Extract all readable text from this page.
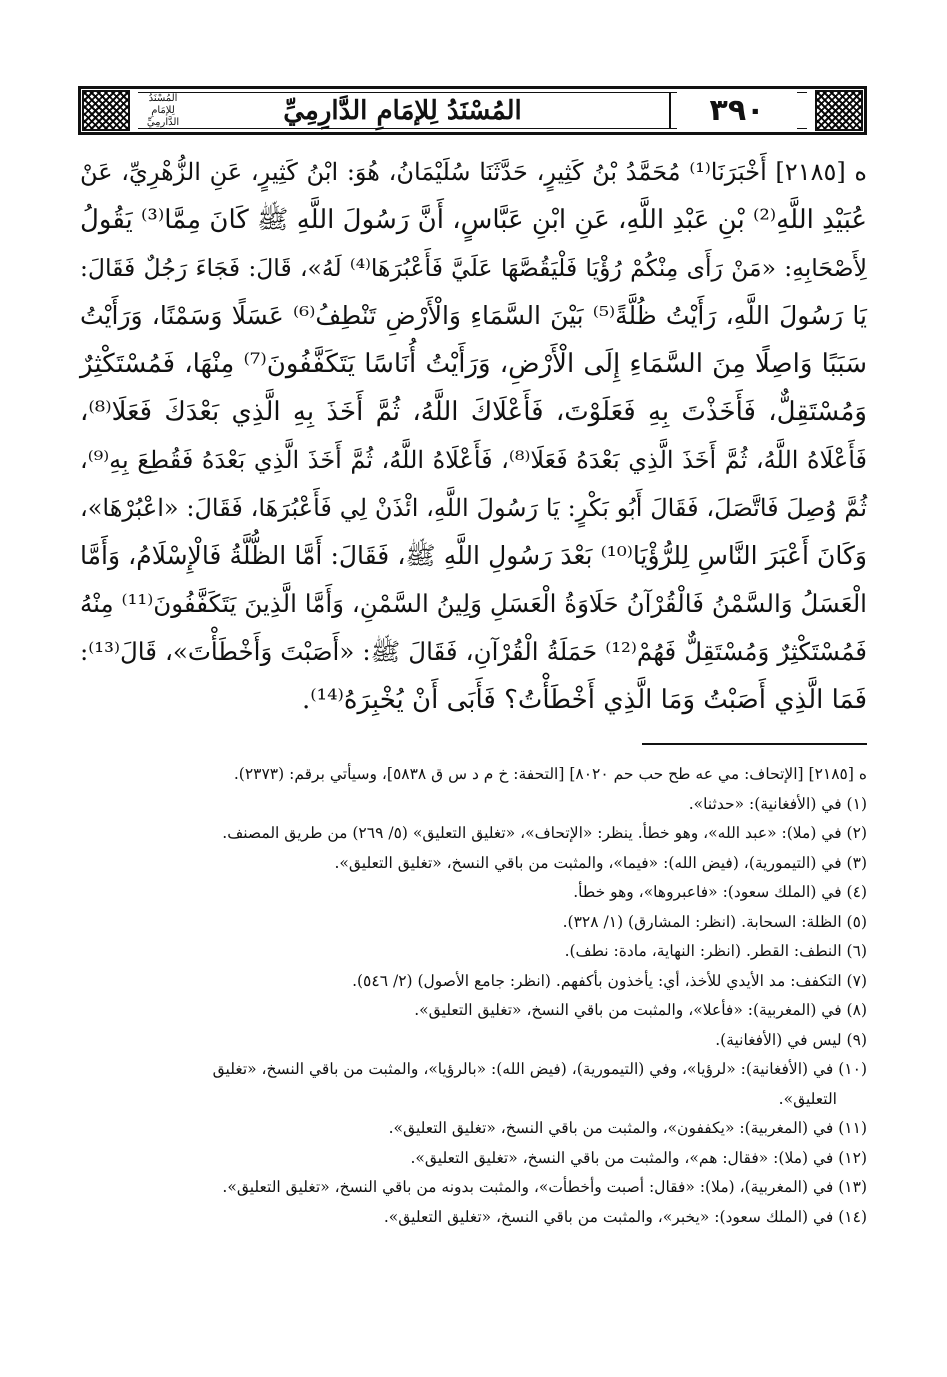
٣٩٠
المُسْنَدُ لِلإمَامِ الدَّارِمِيِّ
المُسْنَدُ لِلإمَامِ الدَّارِمِيِّ
ه [٢١٨٥] أَخْبَرَنَا⁽¹⁾ مُحَمَّدُ بْنُ كَثِيرٍ، حَدَّثَنَا سُلَيْمَانُ، هُوَ: ابْنُ كَثِيرٍ، عَنِ الزُّهْرِيِّ، عَنْ
عُبَيْدِ اللَّهِ⁽²⁾ بْنِ عَبْدِ اللَّهِ، عَنِ ابْنِ عَبَّاسٍ، أَنَّ رَسُولَ اللَّهِ ﷺ كَانَ مِمَّا⁽³⁾ يَقُولُ
لِأَصْحَابِهِ: «مَنْ رَأَى مِنْكُمْ رُؤْيَا فَلْيَقُصَّهَا عَلَيَّ فَأَعْبُرَهَا⁽⁴⁾ لَهُ»، قَالَ: فَجَاءَ رَجُلٌ فَقَالَ:
يَا رَسُولَ اللَّهِ، رَأَيْتُ ظُلَّةً⁽⁵⁾ بَيْنَ السَّمَاءِ وَالْأَرْضِ تَنْطِفُ⁽⁶⁾ عَسَلًا وَسَمْنًا، وَرَأَيْتُ
سَبَبًا وَاصِلًا مِنَ السَّمَاءِ إِلَى الْأَرْضِ، وَرَأَيْتُ أُنَاسًا يَتَكَفَّفُونَ⁽⁷⁾ مِنْهَا، فَمُسْتَكْثِرٌ
وَمُسْتَقِلٌّ، فَأَخَذْتَ بِهِ فَعَلَوْتَ، فَأَعْلَاكَ اللَّهُ، ثُمَّ أَخَذَ بِهِ الَّذِي بَعْدَكَ فَعَلَا⁽⁸⁾،
فَأَعْلَاهُ اللَّهُ، ثُمَّ أَخَذَ الَّذِي بَعْدَهُ فَعَلَا⁽⁸⁾، فَأَعْلَاهُ اللَّهُ، ثُمَّ أَخَذَ الَّذِي بَعْدَهُ فَقُطِعَ بِهِ⁽⁹⁾،
ثُمَّ وُصِلَ فَاتَّصَلَ، فَقَالَ أَبُو بَكْرٍ: يَا رَسُولَ اللَّهِ، ائْذَنْ لِي فَأَعْبُرَهَا، فَقَالَ: «اعْبُرْهَا»،
وَكَانَ أَعْبَرَ النَّاسِ لِلرُّؤْيَا⁽¹⁰⁾ بَعْدَ رَسُولِ اللَّهِ ﷺ، فَقَالَ: أَمَّا الظُّلَّةُ فَالْإِسْلَامُ، وَأَمَّا
الْعَسَلُ وَالسَّمْنُ فَالْقُرْآنُ حَلَاوَةُ الْعَسَلِ وَلِينُ السَّمْنِ، وَأَمَّا الَّذِينَ يَتَكَفَّفُونَ⁽¹¹⁾ مِنْهُ
فَمُسْتَكْثِرٌ وَمُسْتَقِلٌّ فَهُمْ⁽¹²⁾ حَمَلَةُ الْقُرْآنِ، فَقَالَ ﷺ: «أَصَبْتَ وَأَخْطَأْتَ»، قَالَ⁽¹³⁾:
فَمَا الَّذِي أَصَبْتُ وَمَا الَّذِي أَخْطَأْتُ؟ فَأَبَى أَنْ يُخْبِرَهُ⁽¹⁴⁾.
ه [٢١٨٥] [الإتحاف: مي عه طح حب حم ٨٠٢٠] [التحفة: خ م د س ق ٥٨٣٨]، وسيأتي برقم: (٢٣٧٣).
(١) في (الأفغانية): «حدثنا».
(٢) في (ملا): «عبد الله»، وهو خطأ. ينظر: «الإتحاف»، «تغليق التعليق» (٥/ ٢٦٩) من طريق المصنف.
(٣) في (التيمورية)، (فيض الله): «فيما»، والمثبت من باقي النسخ، «تغليق التعليق».
(٤) في (الملك سعود): «فاعبروها»، وهو خطأ.
(٥) الظلة: السحابة. (انظر: المشارق) (١/ ٣٢٨).
(٦) النطف: القطر. (انظر: النهاية، مادة: نطف).
(٧) التكفف: مد الأيدي للأخذ، أي: يأخذون بأكفهم. (انظر: جامع الأصول) (٢/ ٥٤٦).
(٨) في (المغربية): «فأعلا»، والمثبت من باقي النسخ، «تغليق التعليق».
(٩) ليس في (الأفغانية).
(١٠) في (الأفغانية): «لرؤيا»، وفي (التيمورية)، (فيض الله): «بالرؤيا»، والمثبت من باقي النسخ، «تغليق
التعليق».
(١١) في (المغربية): «يكففون»، والمثبت من باقي النسخ، «تغليق التعليق».
(١٢) في (ملا): «فقال: هم»، والمثبت من باقي النسخ، «تغليق التعليق».
(١٣) في (المغربية)، (ملا): «فقال: أصبت وأخطأت»، والمثبت بدونه من باقي النسخ، «تغليق التعليق».
(١٤) في (الملك سعود): «يخبر»، والمثبت من باقي النسخ، «تغليق التعليق».
